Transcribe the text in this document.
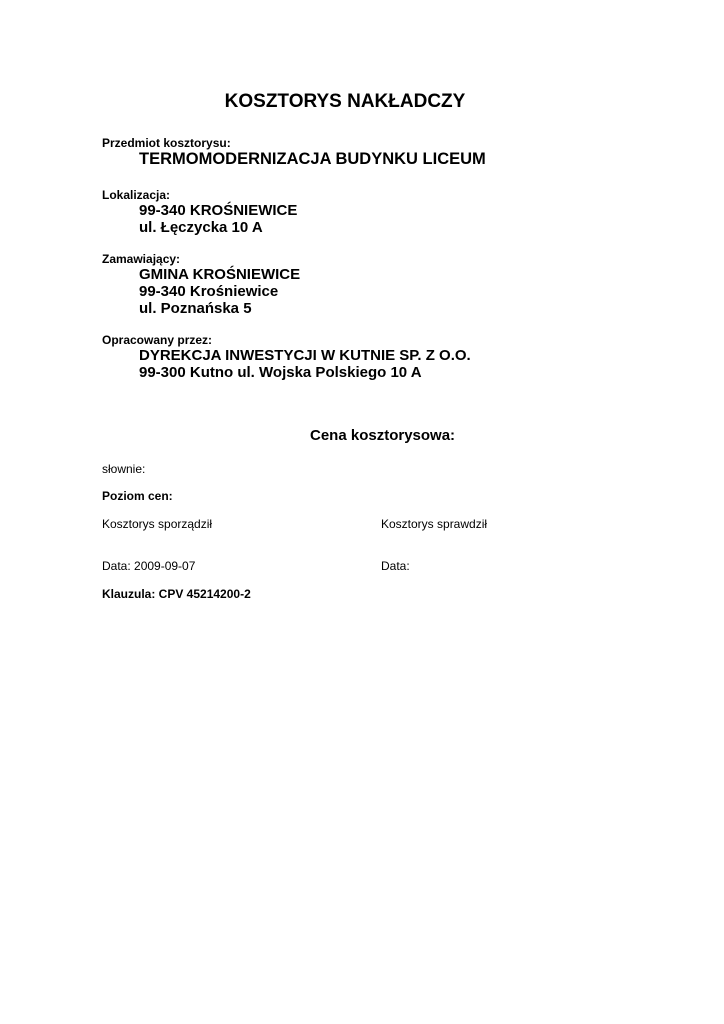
KOSZTORYS NAKŁADCZY
Przedmiot kosztorysu:
TERMOMODERNIZACJA BUDYNKU LICEUM
Lokalizacja:
99-340 KROŚNIEWICE
ul. Łęczycka 10 A
Zamawiający:
GMINA KROŚNIEWICE
99-340 Krośniewice
ul. Poznańska 5
Opracowany przez:
DYREKCJA INWESTYCJI W KUTNIE SP. Z O.O.
99-300 Kutno ul. Wojska Polskiego 10 A
Cena kosztorysowa:
słownie:
Poziom cen:
Kosztorys sporządził	Kosztorys sprawdził
Data: 2009-09-07	Data:
Klauzula: CPV 45214200-2
